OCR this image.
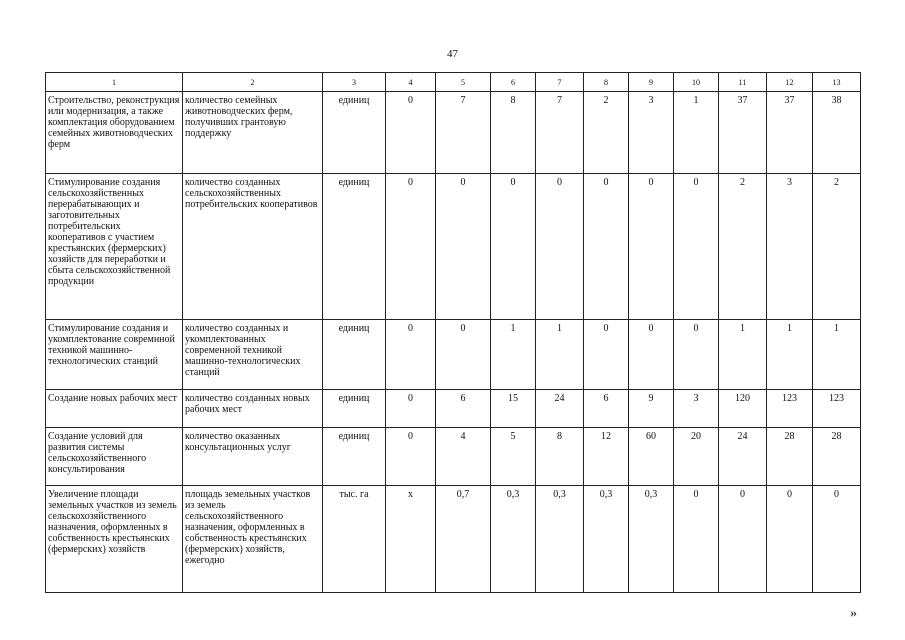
47
1	2	3	4	5	6	7	8	9	10	11	12	13
Строительство, реконструкция или модернизация, а также комплектация оборудованием семейных животноводческих ферм	количество семейных животноводческих ферм, получивших грантовую поддержку	единиц	0	7	8	7	2	3	1	37	37	38
Стимулирование создания сельскохозяйственных перерабатывающих и заготовительных потребительских кооперативов с участием крестьянских (фермерских) хозяйств для переработки и сбыта сельскохозяйственной продукции	количество созданных сельскохозяйственных потребительских кооперативов	единиц	0	0	0	0	0	0	0	2	3	2
Стимулирование создания и укомплектование совремнной техникой машинно-технологических станций	количество созданных и укомплектованных современной техникой машинно-технологических станций	единиц	0	0	1	1	0	0	0	1	1	1
Создание новых рабочих мест	количество созданных новых рабочих мест	единиц	0	6	15	24	6	9	3	120	123	123
Создание условий для развития системы сельскохозяйственного консультирования	количество оказанных консультационных услуг	единиц	0	4	5	8	12	60	20	24	28	28
Увеличение площади земельных участков из земель сельскохозяйственного назначения, оформленных в собственность крестьянских (фермерских) хозяйств	площадь земельных участков из земель сельскохозяйственного назначения, оформленных в собственность крестьянских (фермерских) хозяйств, ежегодно	тыс. га	х	0,7	0,3	0,3	0,3	0,3	0	0	0	0
»
